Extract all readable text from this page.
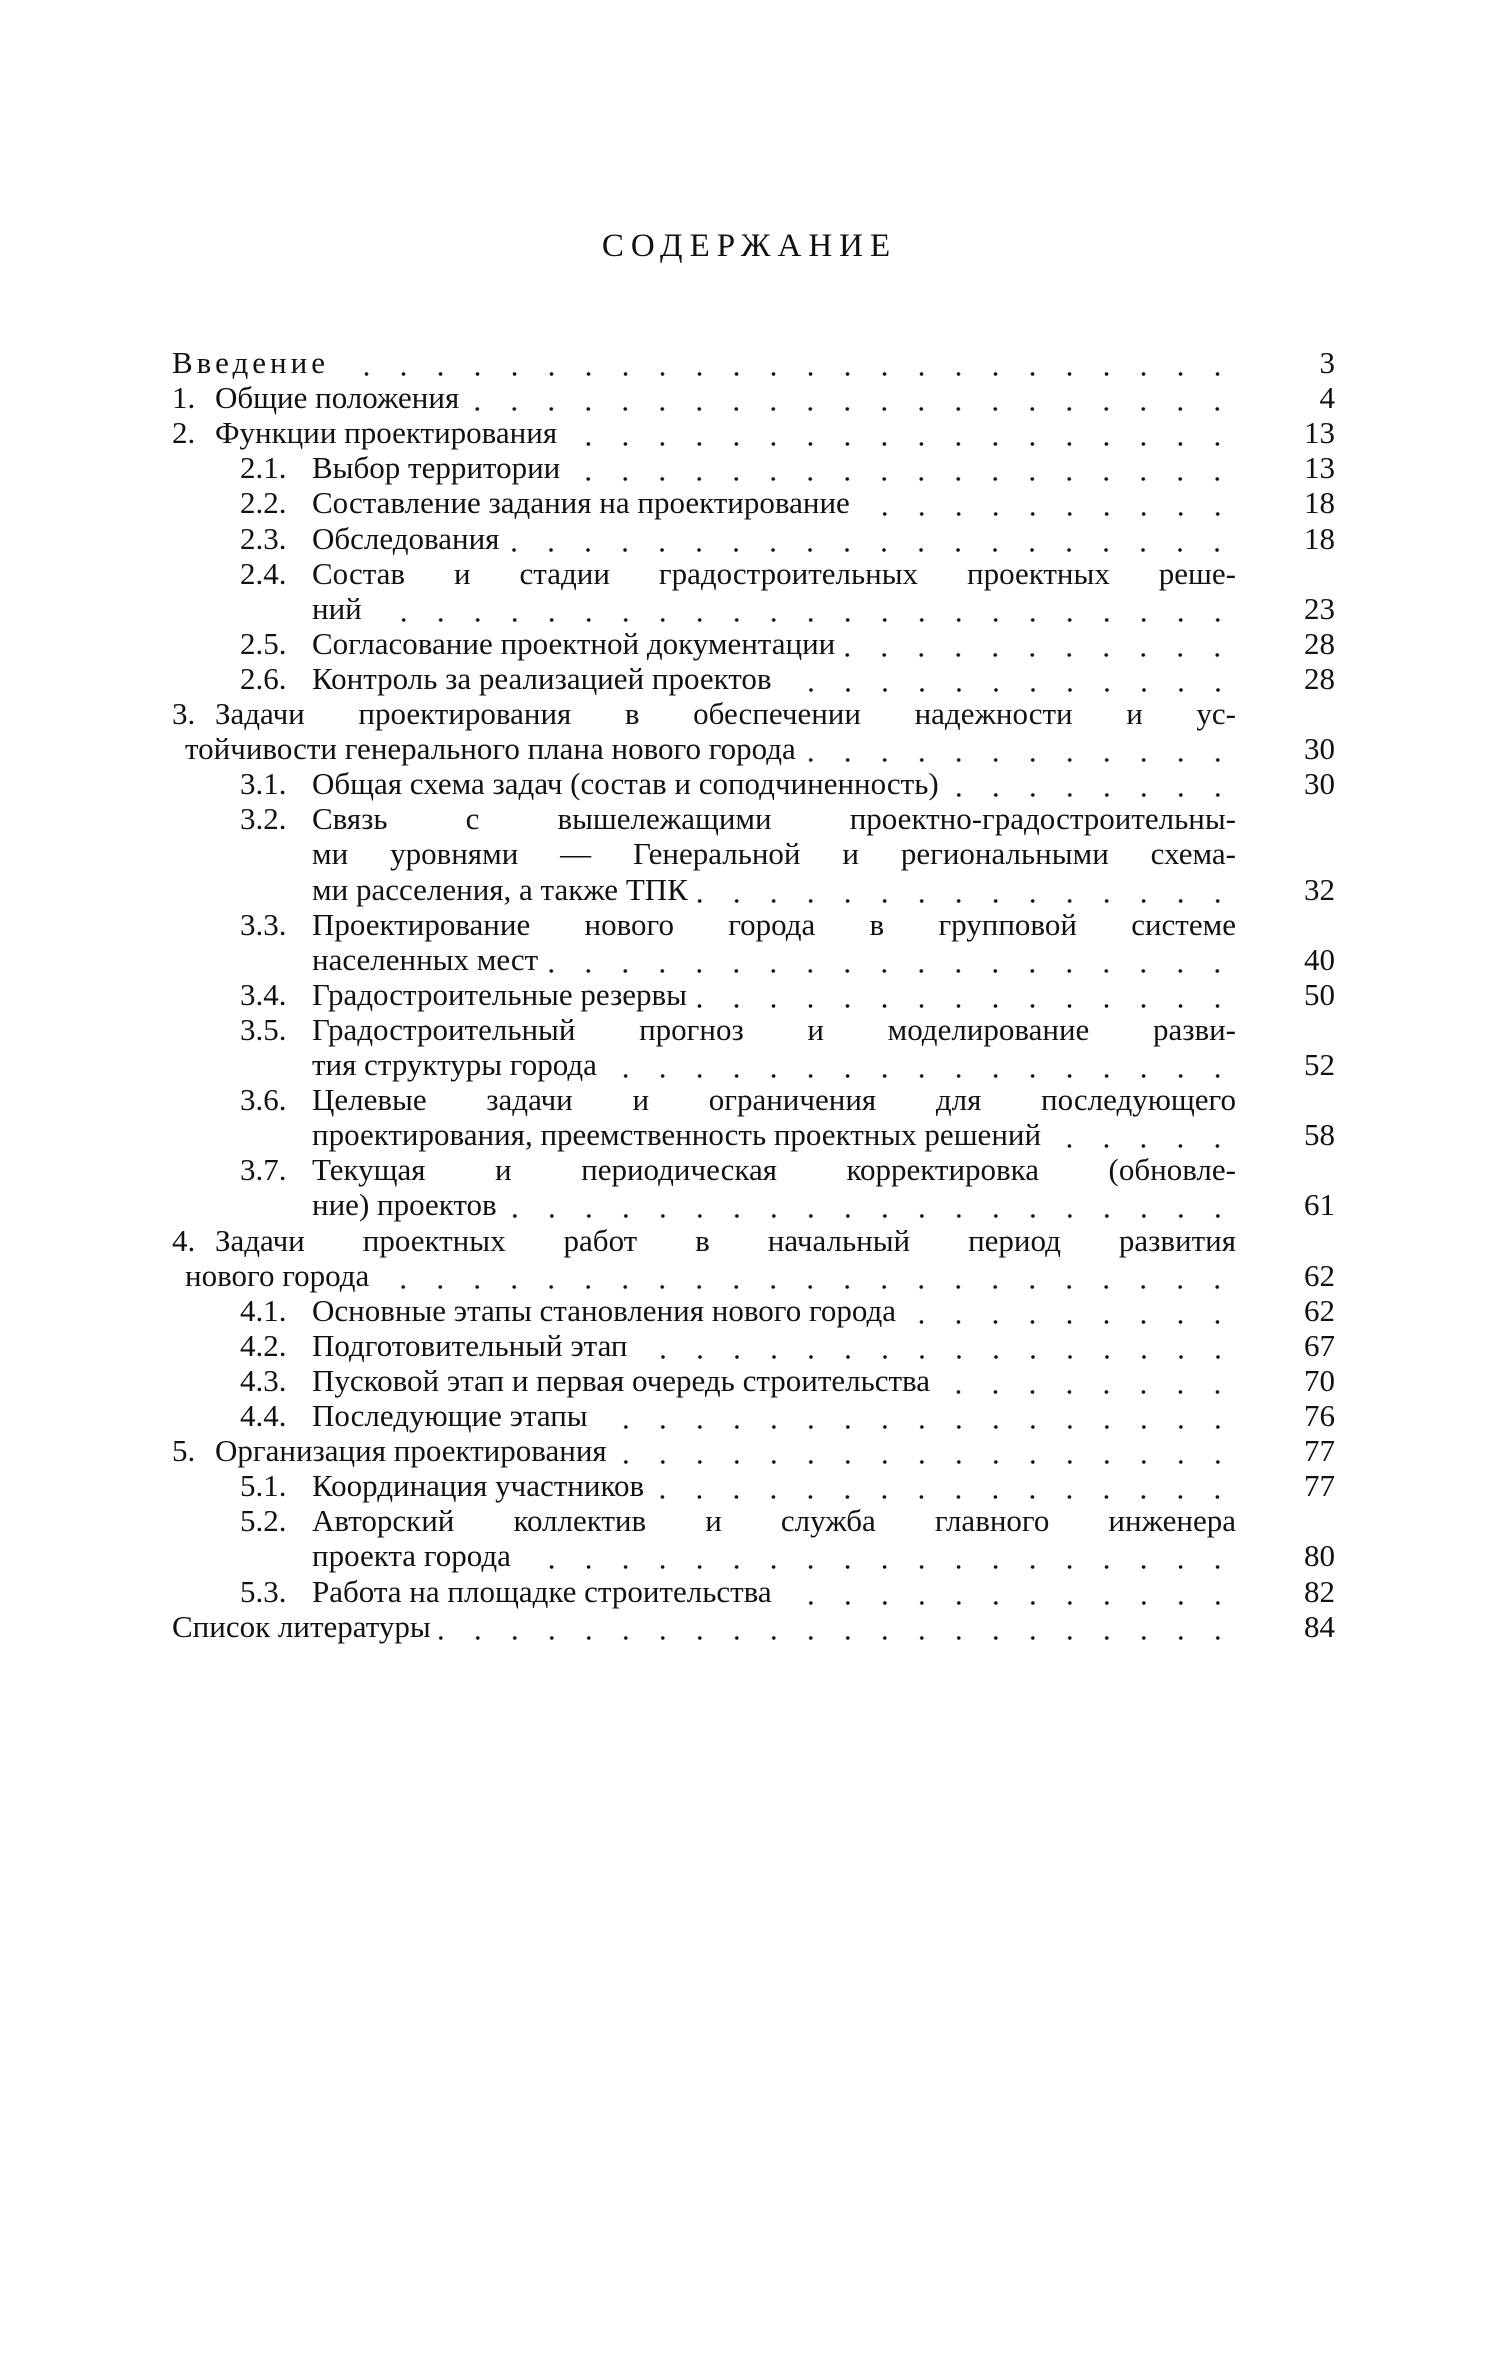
СОДЕРЖАНИЕ
Введение	3
1. Общие положения	4
2. Функции проектирования	13
2.1. Выбор территории	13
2.2. Составление задания на проектирование	18
2.3. Обследования	18
2.4. Состав и стадии градостроительных проектных реше-
ний	23
2.5. Согласование проектной документации	28
2.6. Контроль за реализацией проектов	28
3. Задачи проектирования в обеспечении надежности и ус-
тойчивости генерального плана нового города	30
3.1. Общая схема задач (состав и соподчиненность)	30
3.2. Связь с вышележащими проектно-градостроительны-
ми уровнями — Генеральной и региональными схема-
ми расселения, а также ТПК	32
3.3. Проектирование нового города в групповой системе
населенных мест	40
3.4. Градостроительные резервы	50
3.5. Градостроительный прогноз и моделирование разви-
тия структуры города	52
3.6. Целевые задачи и ограничения для последующего
проектирования, преемственность проектных решений	58
3.7. Текущая и периодическая корректировка (обновле-
ние) проектов	61
4. Задачи проектных работ в начальный период развития
нового города	62
4.1. Основные этапы становления нового города	62
4.2. Подготовительный этап	67
4.3. Пусковой этап и первая очередь строительства	70
4.4. Последующие этапы	76
5. Организация проектирования	77
5.1. Координация участников	77
5.2. Авторский коллектив и служба главного инженера
проекта города	80
5.3. Работа на площадке строительства	82
Список литературы	84
